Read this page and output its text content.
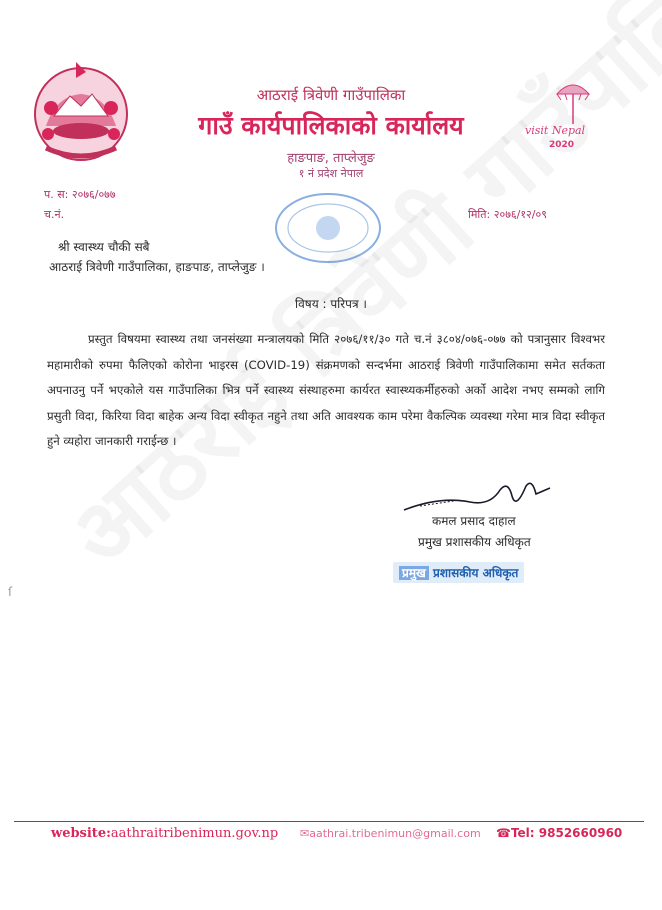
visit Nepal
2020
आठराई त्रिवेणी गाउँपालिका
गाउँ कार्यपालिकाको कार्यालय
हाङपाङ, ताप्लेजुङ
१ नं प्रदेश नेपाल
प. स: २०७६/०७७
च.नं.	मिति: २०७६/१२/०९
श्री स्वास्थ्य चौकी सबै
आठराई त्रिवेणी गाउँपालिका, हाङपाङ, ताप्लेजुङ ।
विषय : परिपत्र ।
प्रस्तुत विषयमा स्वास्थ्य तथा जनसंख्या मन्त्रालयको मिति २०७६/११/३० गते च.नं ३८०४/०७६-०७७ को पत्रानुसार विश्वभर महामारीको रुपमा फैलिएको कोरोना भाइरस (COVID-19) संक्रमणको सन्दर्भमा आठराई त्रिवेणी गाउँपालिकामा समेत सर्तकता अपनाउनु पर्ने भएकोले यस गाउँपालिका भित्र पर्ने स्वास्थ्य संस्थाहरुमा कार्यरत स्वास्थ्यकर्मीहरुको अर्को आदेश नभए सम्मको लागि प्रसुती विदा, किरिया विदा बाहेक अन्य विदा स्वीकृत नहुने तथा अति आवश्यक काम परेमा वैकल्पिक व्यवस्था गरेमा मात्र विदा स्वीकृत हुने व्यहोरा जानकारी गराईन्छ ।
कमल प्रसाद दाहाल
प्रमुख प्रशासकीय अधिकृत
प्रमुख प्रशासकीय अधिकृत
ſ
website:aathraitribenimun.gov.np ✉aathrai.tribenimun@gmail.com ☎Tel: 9852660960
